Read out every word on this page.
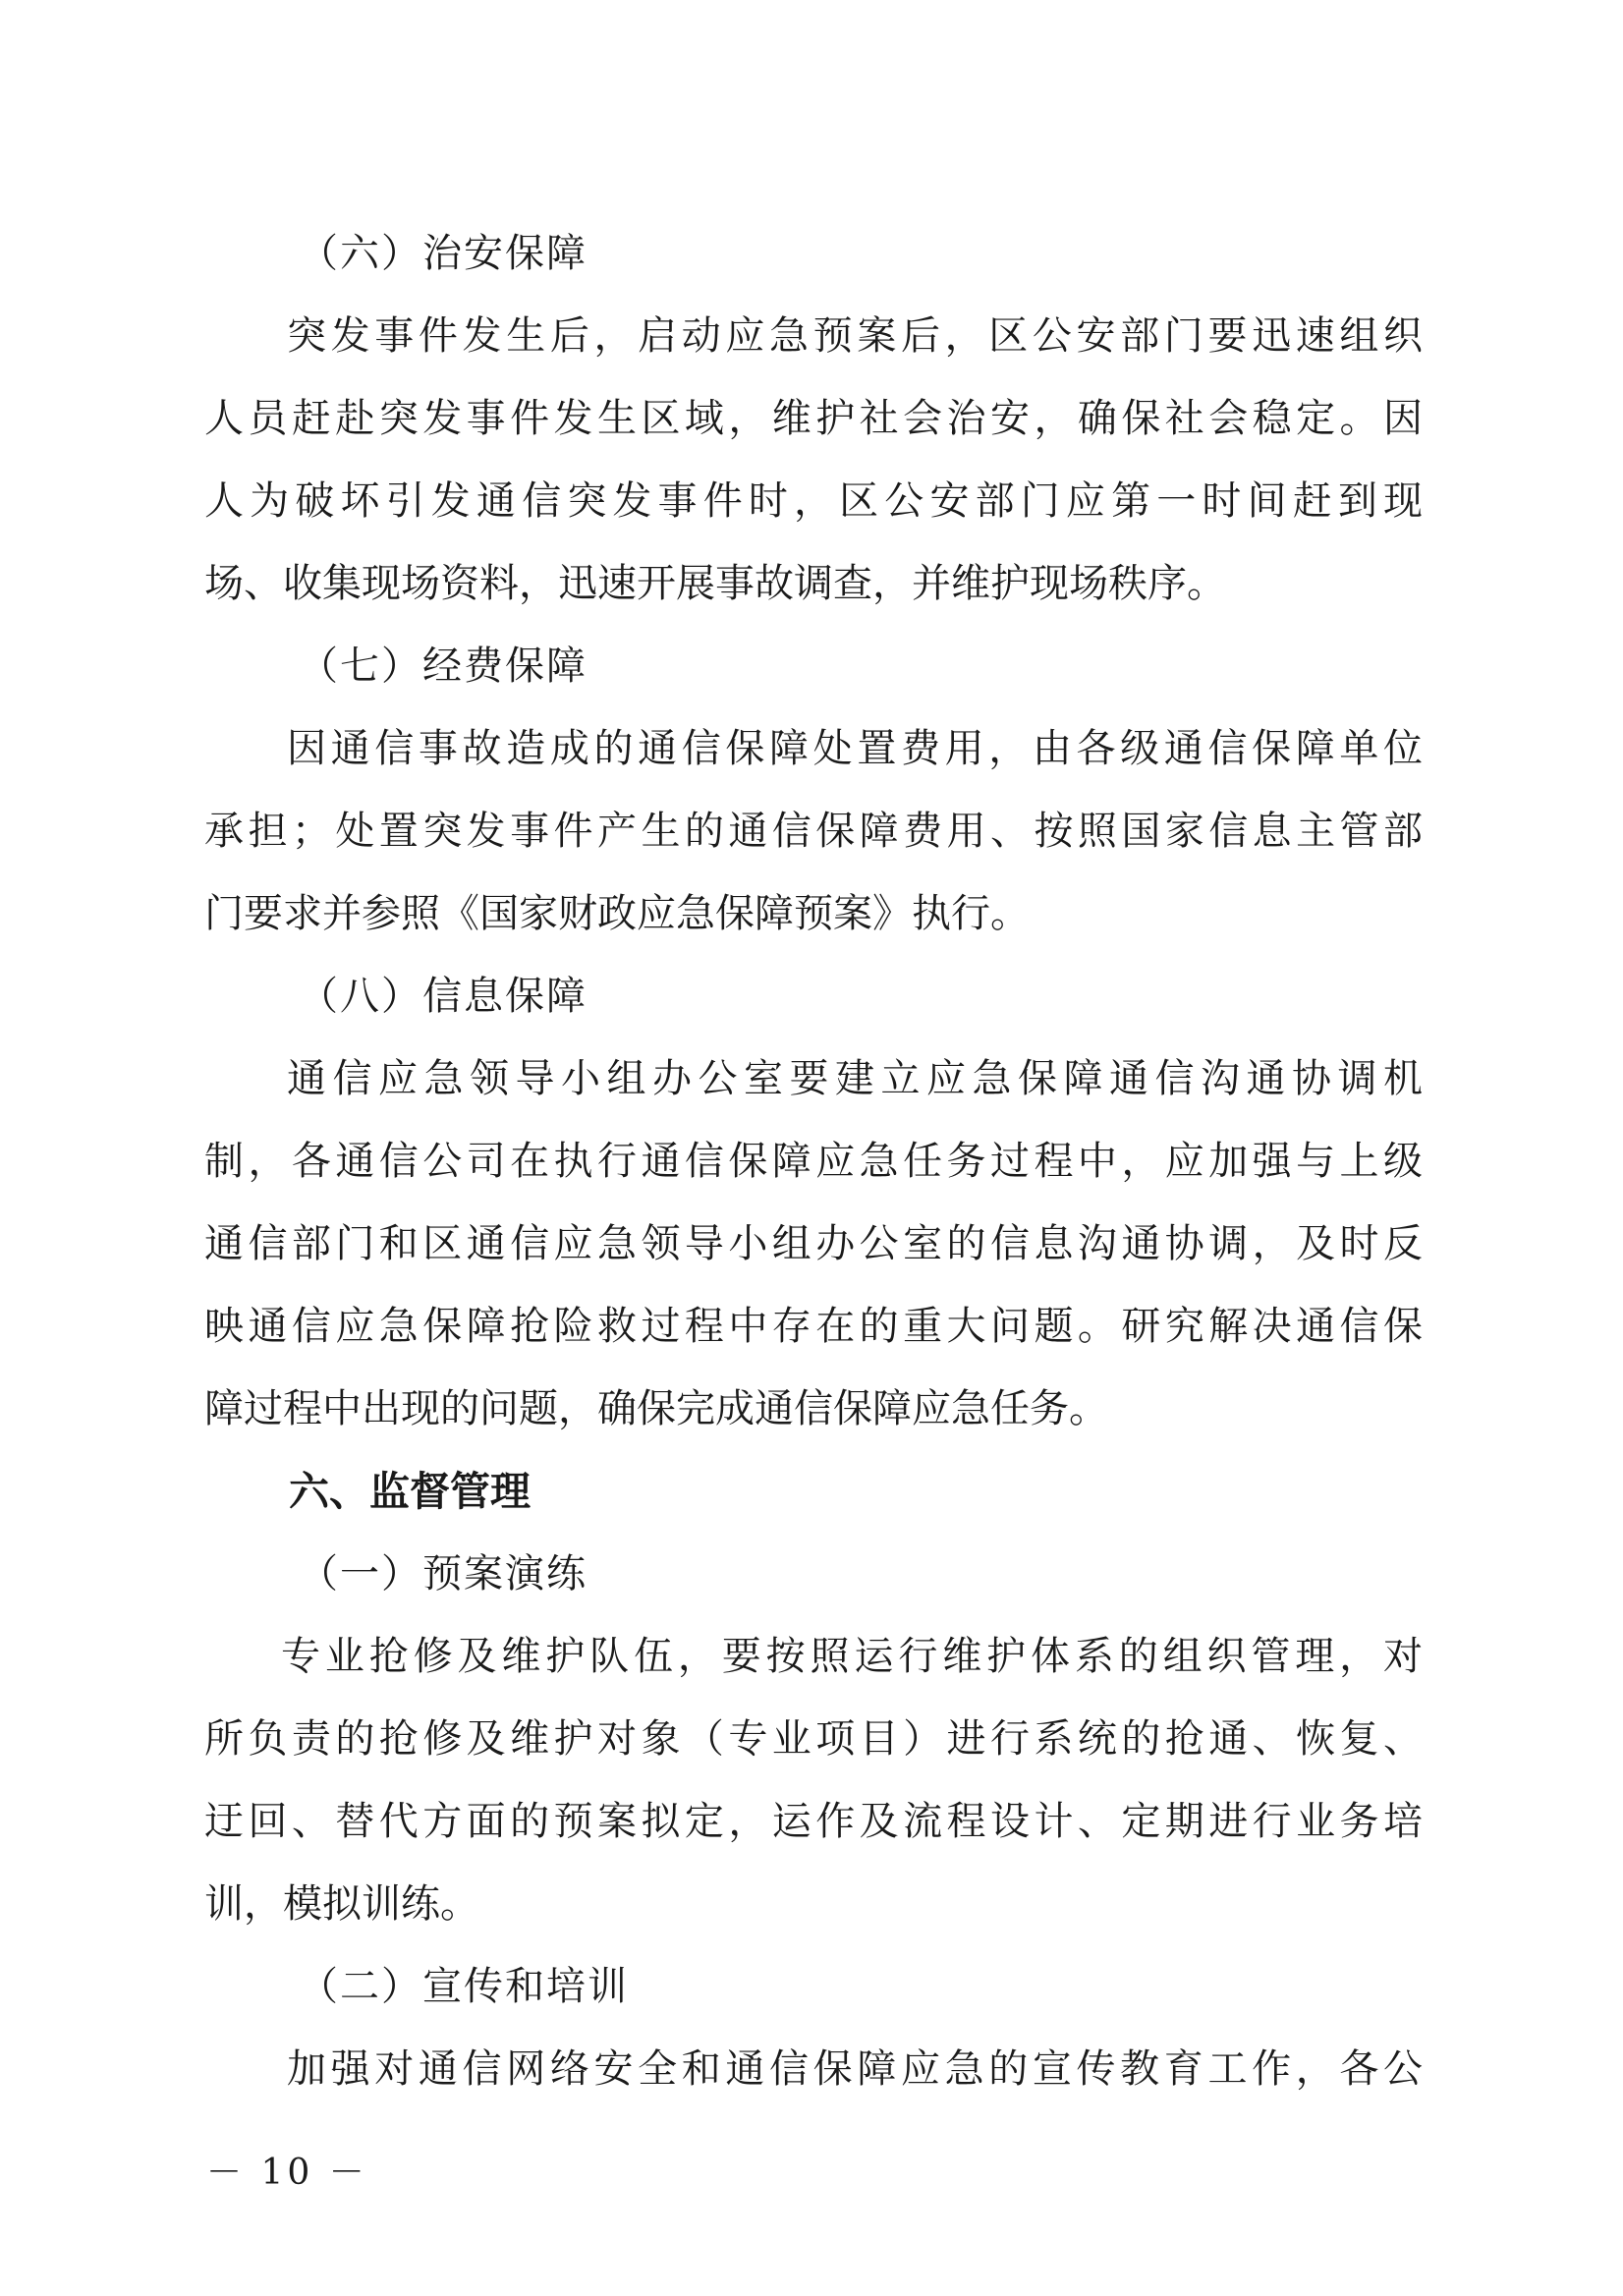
（六）治安保障
突发事件发生后，启动应急预案后，区公安部门要迅速组织
人员赶赴突发事件发生区域，维护社会治安，确保社会稳定。因
人为破坏引发通信突发事件时，区公安部门应第一时间赶到现
场、收集现场资料，迅速开展事故调查，并维护现场秩序。
（七）经费保障
因通信事故造成的通信保障处置费用，由各级通信保障单位
承担；处置突发事件产生的通信保障费用、按照国家信息主管部
门要求并参照《国家财政应急保障预案》执行。
（八）信息保障
通信应急领导小组办公室要建立应急保障通信沟通协调机
制，各通信公司在执行通信保障应急任务过程中，应加强与上级
通信部门和区通信应急领导小组办公室的信息沟通协调，及时反
映通信应急保障抢险救过程中存在的重大问题。研究解决通信保
障过程中出现的问题，确保完成通信保障应急任务。
六、监督管理
（一）预案演练
专业抢修及维护队伍，要按照运行维护体系的组织管理，对
所负责的抢修及维护对象（专业项目）进行系统的抢通、恢复、
迂回、替代方面的预案拟定，运作及流程设计、定期进行业务培
训，模拟训练。
（二）宣传和培训
加强对通信网络安全和通信保障应急的宣传教育工作，各公
－ 10 －
